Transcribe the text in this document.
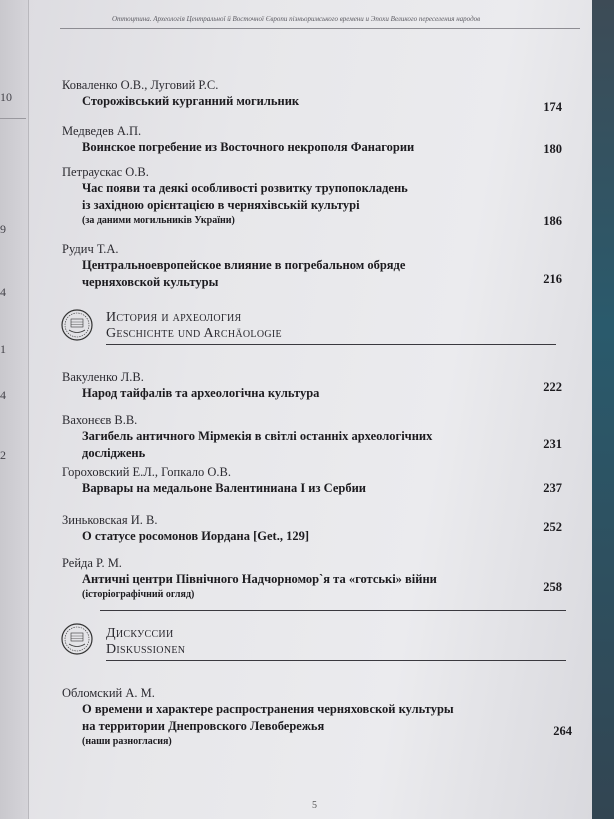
10
9
4
1
4
2
Оттоцтина. Археологія Центральної й Восточної Європи пізньоримського времени и Эпохи Великого переселения народов
Коваленко О.В., Луговий Р.С.
Сторожівський курганний могильник	174
Медведев А.П.
Воинское погребение из Восточного некрополя Фанагории	180
Петраускас О.В.
Час появи та деякі особливості розвитку трупопокладень
із західною орієнтацією в черняхівській культурі
(за даними могильників України)	186
Рудич Т.А.
Центральноевропейское влияние в погребальном обряде
черняховской культуры	216
История и археология
Geschichte und Archäologie
Вакуленко Л.В.
Народ тайфалів та археологічна культура	222
Вахонєєв В.В.
Загибель античного Мірмекія в світлі останніх археологічних
досліджень
231
Гороховский Е.Л., Гопкало О.В.
Варвары на медальоне Валентиниана I из Сербии	237
Зиньковская И. В.
О статусе росомонов Иордана [Get., 129]
252
Рейда Р. М.
Античні центри Північного Надчорномор`я та «готські» війни
(історіографічний огляд)
258
Дискуссии
Diskussionen
Обломский А. М.
О времени и характере распространения черняховской культуры
на территории Днепровского Левобережья
(наши разногласия)
264
5
